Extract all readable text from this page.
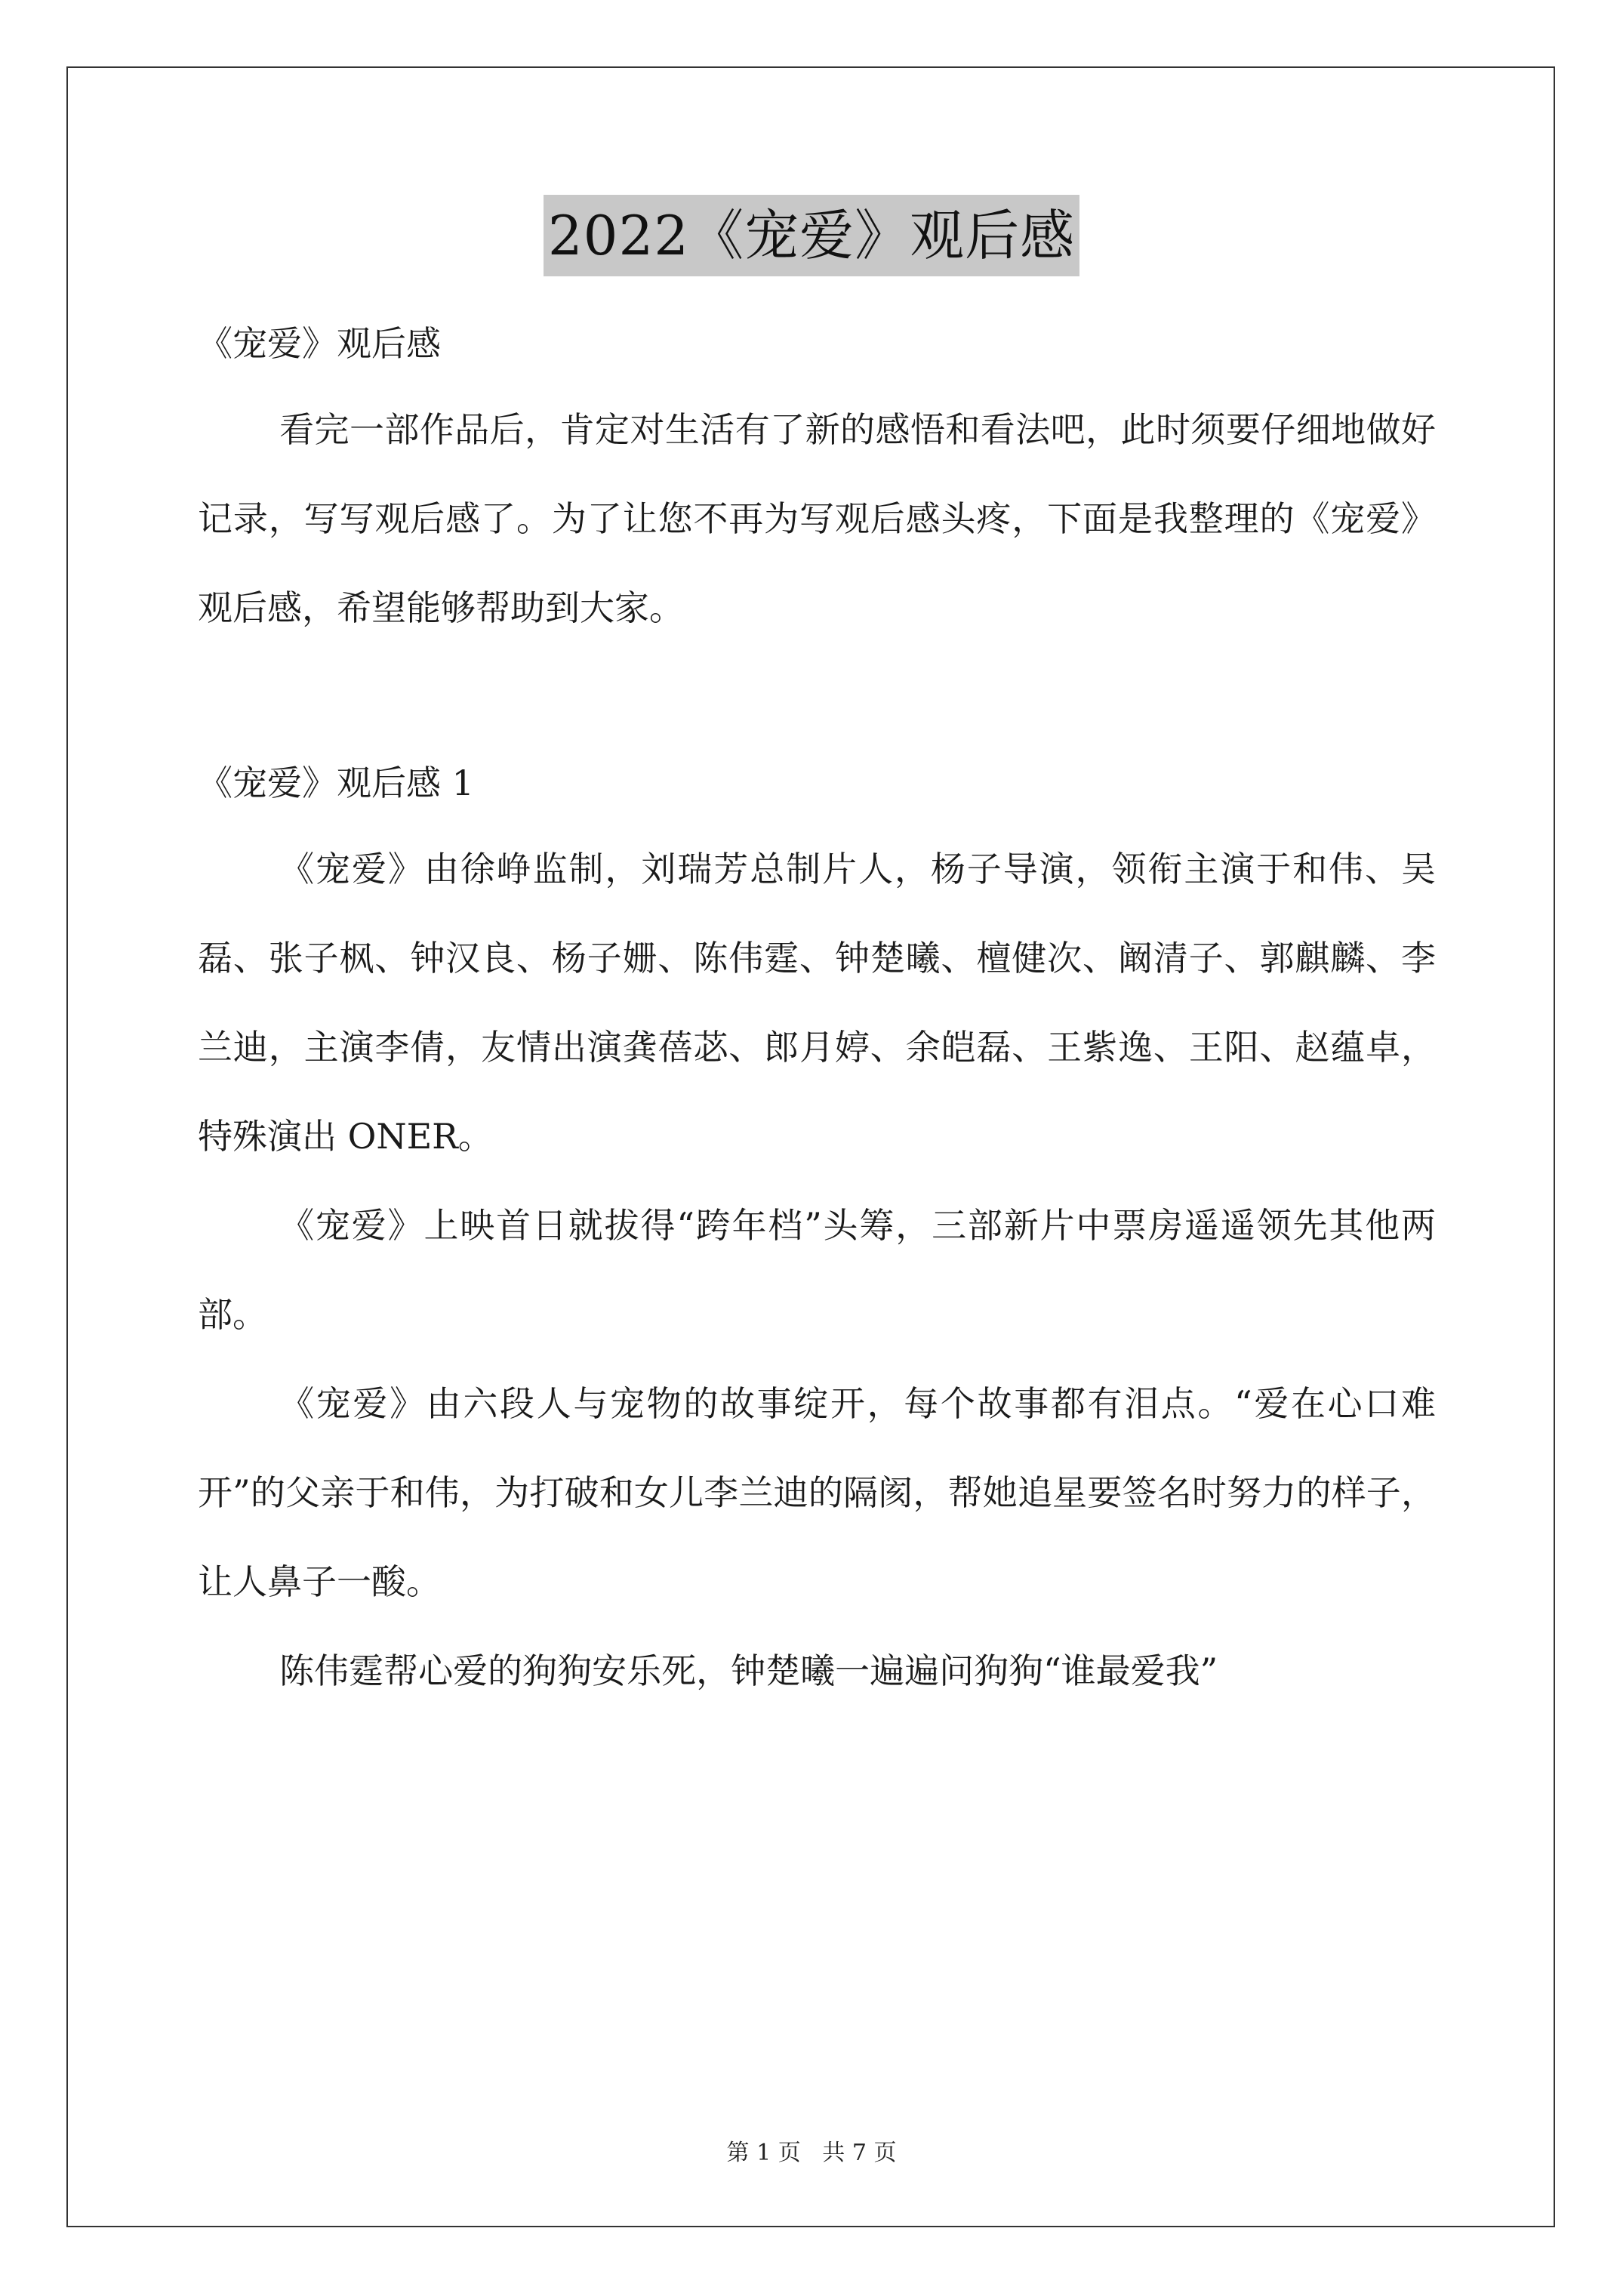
2022《宠爱》观后感

《宠爱》观后感

看完一部作品后，肯定对生活有了新的感悟和看法吧，此时须要仔细地做好记录，写写观后感了。为了让您不再为写观后感头疼，下面是我整理的《宠爱》观后感，希望能够帮助到大家。

《宠爱》观后感 1

《宠爱》由徐峥监制，刘瑞芳总制片人，杨子导演，领衔主演于和伟、吴磊、张子枫、钟汉良、杨子姗、陈伟霆、钟楚曦、檀健次、阚清子、郭麒麟、李兰迪，主演李倩，友情出演龚蓓苾、郎月婷、余皑磊、王紫逸、王阳、赵蕴卓，特殊演出 ONER。

《宠爱》上映首日就拔得“跨年档”头筹，三部新片中票房遥遥领先其他两部。

《宠爱》由六段人与宠物的故事绽开，每个故事都有泪点。“爱在心口难开”的父亲于和伟，为打破和女儿李兰迪的隔阂，帮她追星要签名时努力的样子，让人鼻子一酸。

陈伟霆帮心爱的狗狗安乐死，钟楚曦一遍遍问狗狗“谁最爱我”

第 1 页   共 7 页
